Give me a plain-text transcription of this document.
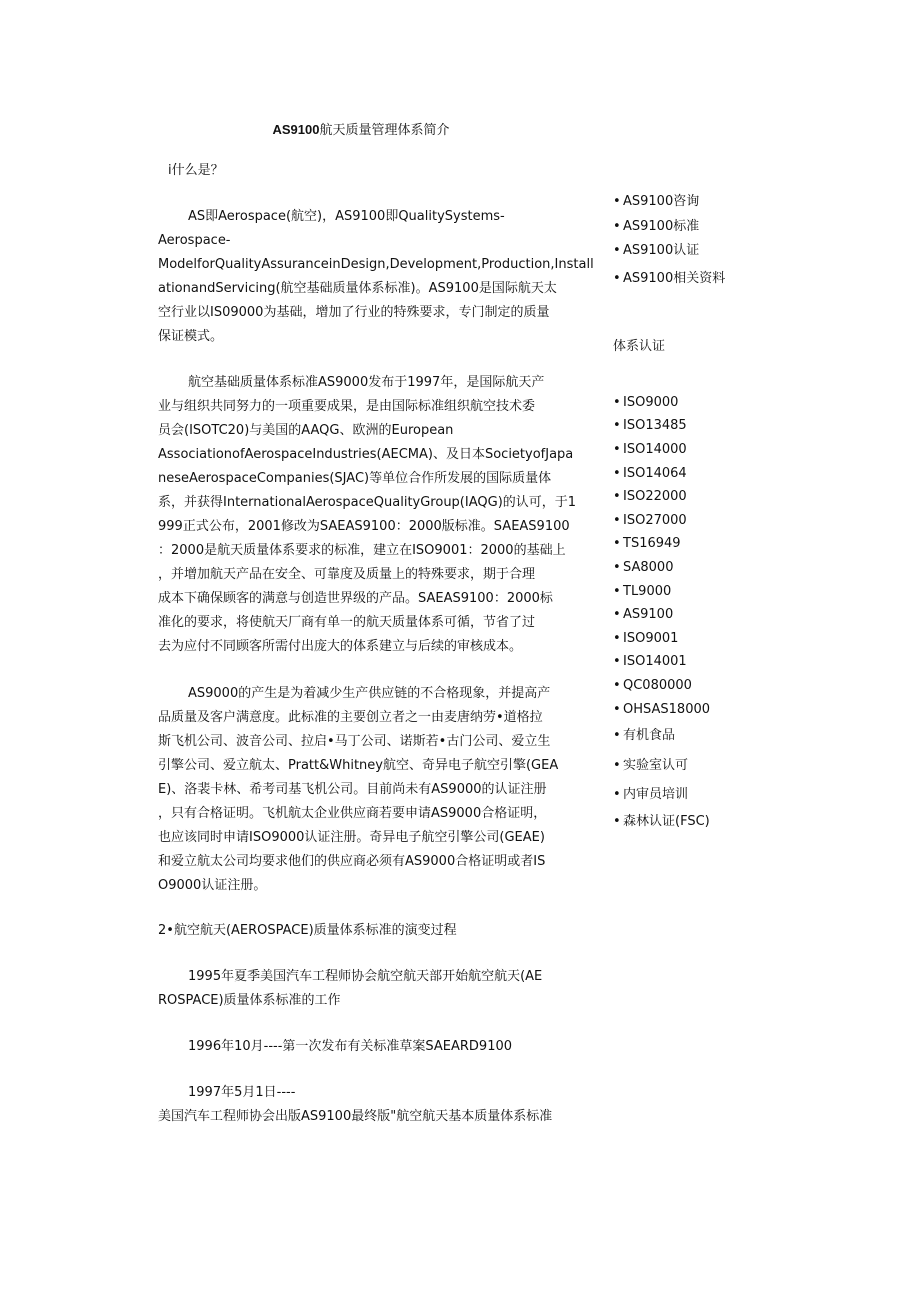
AS9100航天质量管理体系简介
i什么是？
AS即Aerospace(航空)，AS9100即QualitySystems-
Aerospace-
ModelforQualityAssuranceinDesign,Development,Production,Install
ationandServicing(航空基础质量体系标准)。AS9100是国际航天太
空行业以IS09000为基础，增加了行业的特殊要求，专门制定的质量
保证模式。
航空基础质量体系标准AS9000发布于1997年，是国际航天产
业与组织共同努力的一项重要成果，是由国际标准组织航空技术委
员会(ISOTC20)与美国的AAQG、欧洲的European
AssociationofAerospaceIndustries(AECMA)、及日本SocietyofJapa
neseAerospaceCompanies(SJAC)等单位合作所发展的国际质量体
系，并获得InternationalAerospaceQualityGroup(IAQG)的认可，于1
999正式公布，2001修改为SAEAS9100：2000版标准。SAEAS9100
：2000是航天质量体系要求的标准，建立在ISO9001：2000的基础上
，并增加航天产品在安全、可靠度及质量上的特殊要求，期于合理
成本下确保顾客的满意与创造世界级的产品。SAEAS9100：2000标
准化的要求，将使航天厂商有单一的航天质量体系可循，节省了过
去为应付不同顾客所需付出庞大的体系建立与后续的审核成本。
AS9000的产生是为着减少生产供应链的不合格现象，并提高产
品质量及客户满意度。此标准的主要创立者之一由麦唐纳劳•道格拉
斯飞机公司、波音公司、拉启•马丁公司、诺斯若•古门公司、爱立生
引擎公司、爱立航太、Pratt&Whitney航空、奇异电子航空引擎(GEA
E)、洛裴卡林、希考司基飞机公司。目前尚未有AS9000的认证注册
，只有合格证明。飞机航太企业供应商若要申请AS9000合格证明，
也应该同时申请ISO9000认证注册。奇异电子航空引擎公司(GEAE)
和爱立航太公司均要求他们的供应商必须有AS9000合格证明或者IS
O9000认证注册。
2•航空航天(AEROSPACE)质量体系标准的演变过程
1995年夏季美国汽车工程师协会航空航天部开始航空航天(AE
ROSPACE)质量体系标准的工作
1996年10月----第一次发布有关标准草案SAEARD9100
1997年5月1日----
美国汽车工程师协会出版AS9100最终版"航空航天基本质量体系标准
• AS9100咨询
• AS9100标准
• AS9100认证
• AS9100相关资料
体系认证
• ISO9000
• ISO13485
• ISO14000
• ISO14064
• ISO22000
• ISO27000
• TS16949
• SA8000
• TL9000
• AS9100
• ISO9001
• ISO14001
• QC080000
• OHSAS18000
• 有机食品
• 实验室认可
• 内审员培训
• 森林认证(FSC)
